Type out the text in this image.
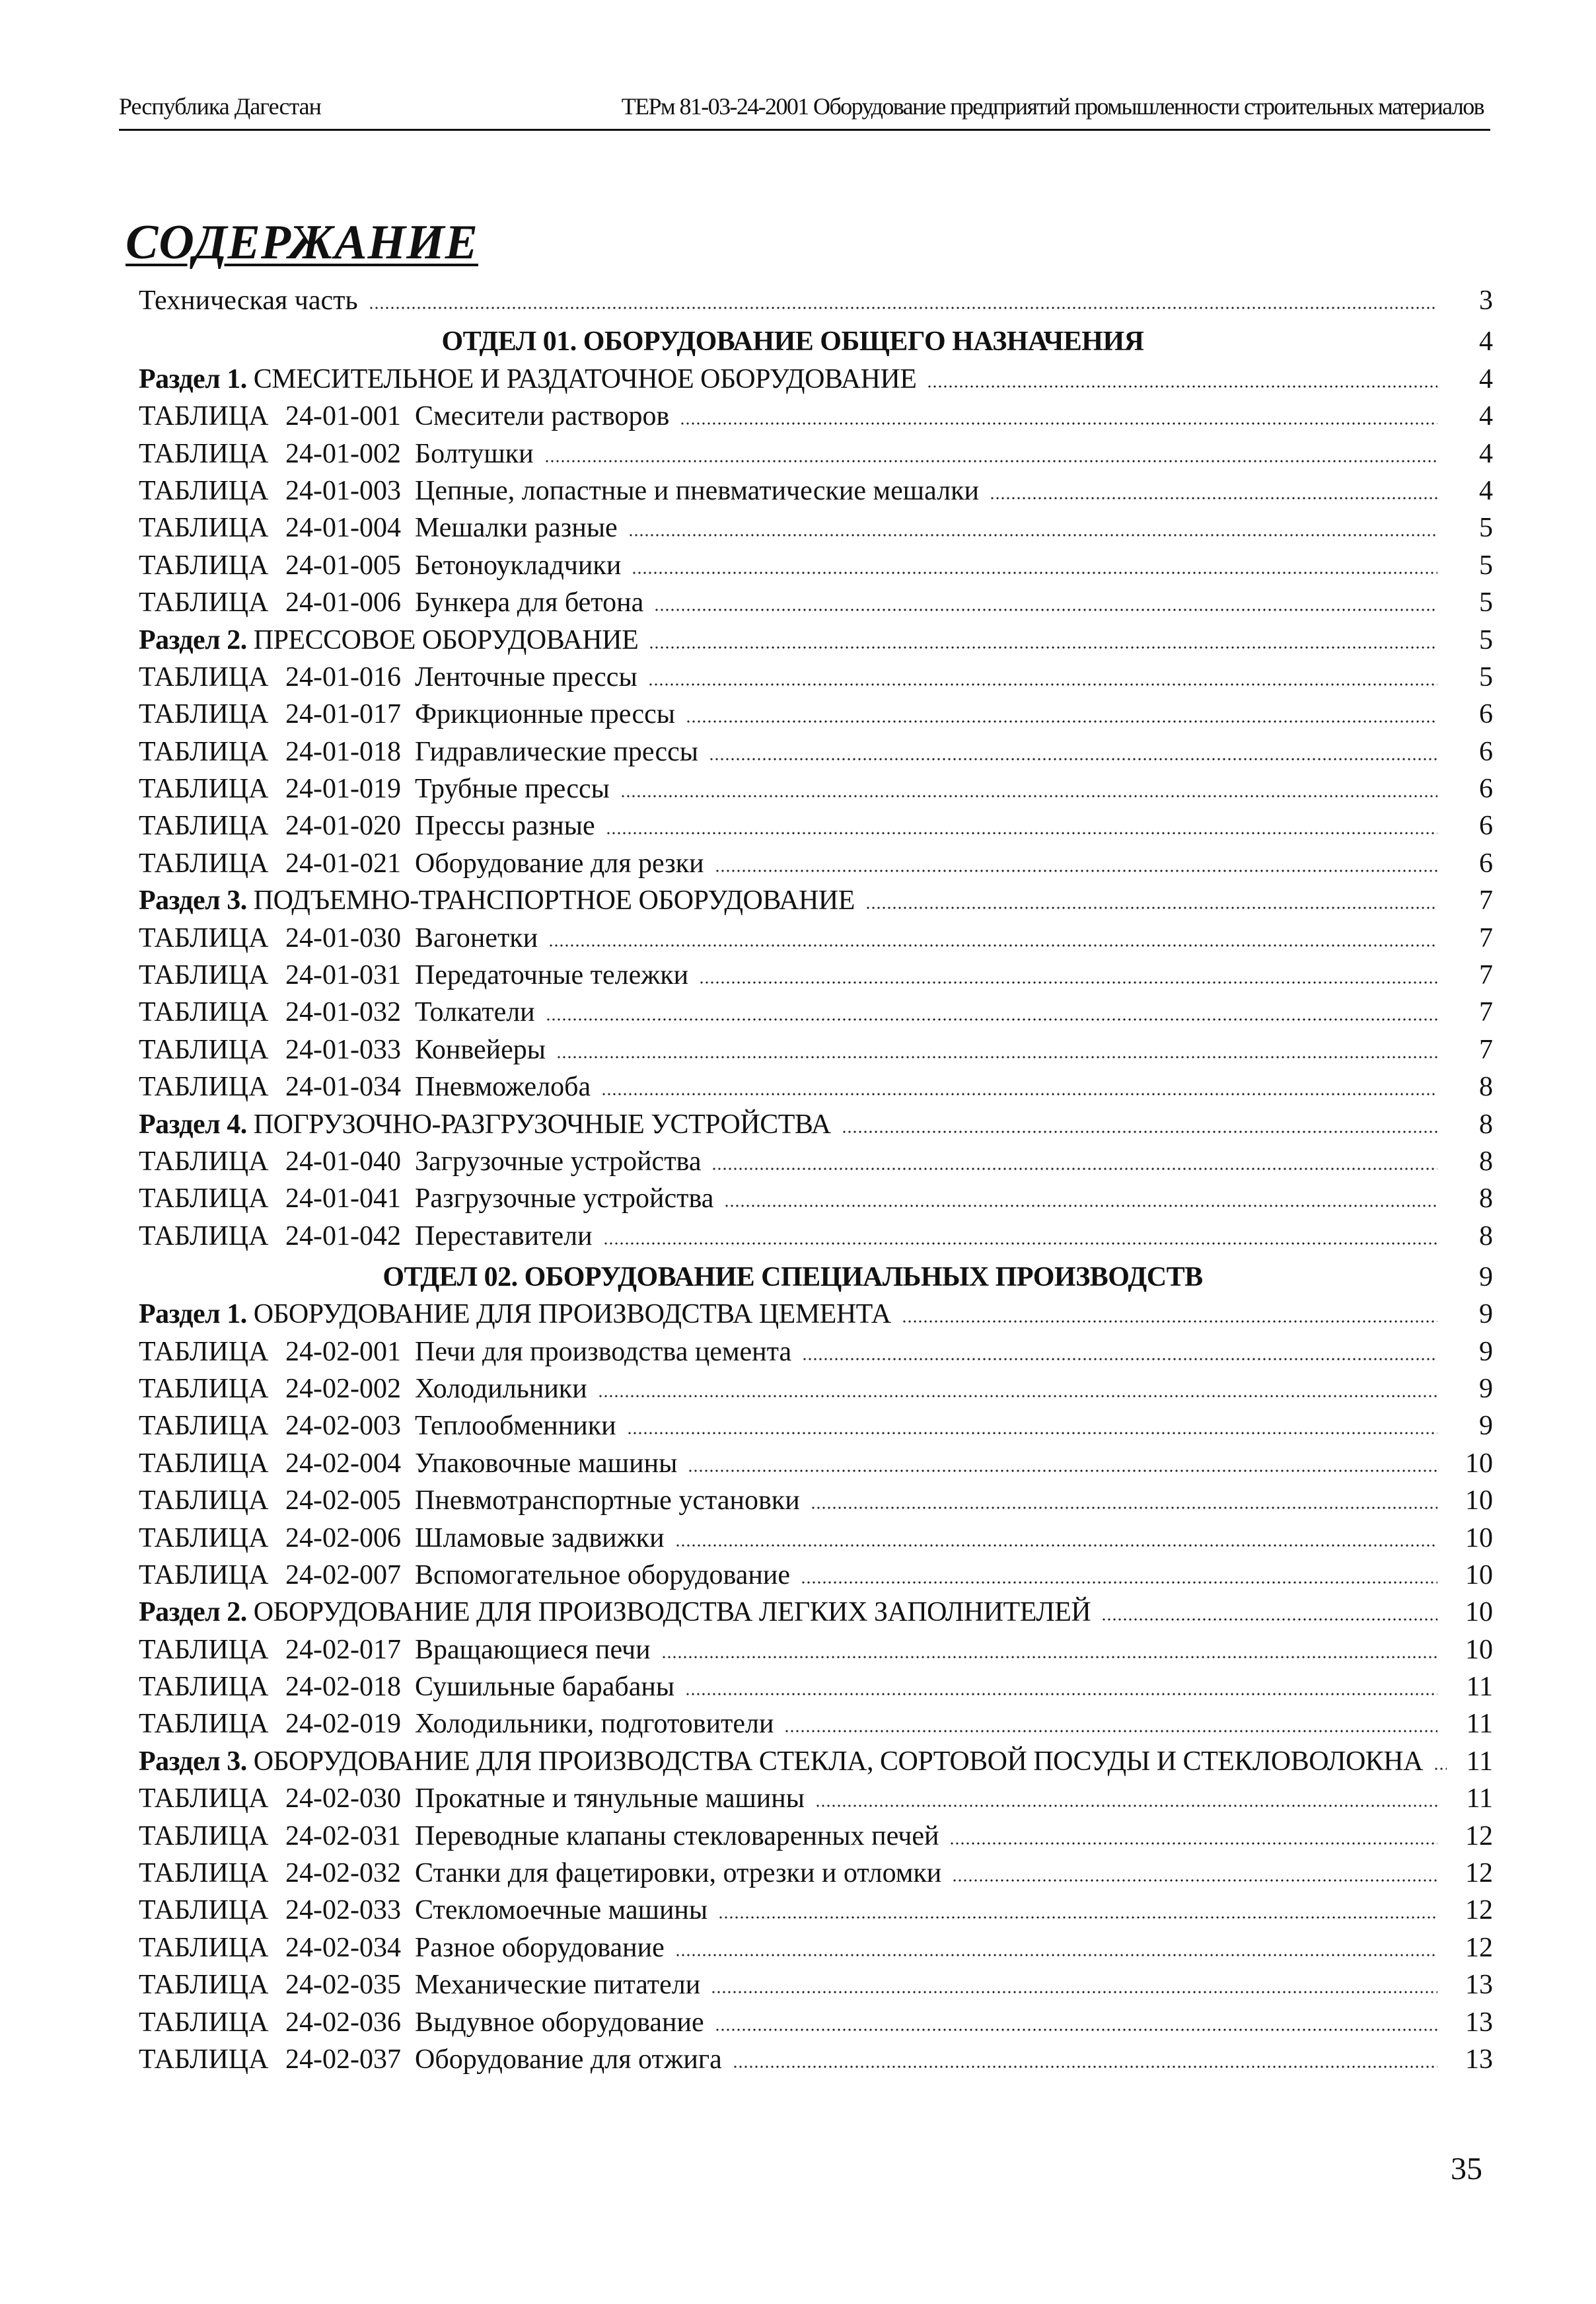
Республика Дагестан	ТЕРм 81-03-24-2001 Оборудование предприятий промышленности строительных материалов
СОДЕРЖАНИЕ
Техническая часть	3
ОТДЕЛ 01. ОБОРУДОВАНИЕ ОБЩЕГО НАЗНАЧЕНИЯ	4
Раздел 1. СМЕСИТЕЛЬНОЕ И РАЗДАТОЧНОЕ ОБОРУДОВАНИЕ	4
ТАБЛИЦА 24-01-001 Смесители растворов	4
ТАБЛИЦА 24-01-002 Болтушки	4
ТАБЛИЦА 24-01-003 Цепные, лопастные и пневматические мешалки	4
ТАБЛИЦА 24-01-004 Мешалки разные	5
ТАБЛИЦА 24-01-005 Бетоноукладчики	5
ТАБЛИЦА 24-01-006 Бункера для бетона	5
Раздел 2. ПРЕССОВОЕ ОБОРУДОВАНИЕ	5
ТАБЛИЦА 24-01-016 Ленточные прессы	5
ТАБЛИЦА 24-01-017 Фрикционные прессы	6
ТАБЛИЦА 24-01-018 Гидравлические прессы	6
ТАБЛИЦА 24-01-019 Трубные прессы	6
ТАБЛИЦА 24-01-020 Прессы разные	6
ТАБЛИЦА 24-01-021 Оборудование для резки	6
Раздел 3. ПОДЪЕМНО-ТРАНСПОРТНОЕ ОБОРУДОВАНИЕ	7
ТАБЛИЦА 24-01-030 Вагонетки	7
ТАБЛИЦА 24-01-031 Передаточные тележки	7
ТАБЛИЦА 24-01-032 Толкатели	7
ТАБЛИЦА 24-01-033 Конвейеры	7
ТАБЛИЦА 24-01-034 Пневможелоба	8
Раздел 4. ПОГРУЗОЧНО-РАЗГРУЗОЧНЫЕ УСТРОЙСТВА	8
ТАБЛИЦА 24-01-040 Загрузочные устройства	8
ТАБЛИЦА 24-01-041 Разгрузочные устройства	8
ТАБЛИЦА 24-01-042 Переставители	8
ОТДЕЛ 02. ОБОРУДОВАНИЕ СПЕЦИАЛЬНЫХ ПРОИЗВОДСТВ	9
Раздел 1. ОБОРУДОВАНИЕ ДЛЯ ПРОИЗВОДСТВА ЦЕМЕНТА	9
ТАБЛИЦА 24-02-001 Печи для производства цемента	9
ТАБЛИЦА 24-02-002 Холодильники	9
ТАБЛИЦА 24-02-003 Теплообменники	9
ТАБЛИЦА 24-02-004 Упаковочные машины	10
ТАБЛИЦА 24-02-005 Пневмотранспортные установки	10
ТАБЛИЦА 24-02-006 Шламовые задвижки	10
ТАБЛИЦА 24-02-007 Вспомогательное оборудование	10
Раздел 2. ОБОРУДОВАНИЕ ДЛЯ ПРОИЗВОДСТВА ЛЕГКИХ ЗАПОЛНИТЕЛЕЙ	10
ТАБЛИЦА 24-02-017 Вращающиеся печи	10
ТАБЛИЦА 24-02-018 Сушильные барабаны	11
ТАБЛИЦА 24-02-019 Холодильники, подготовители	11
Раздел 3. ОБОРУДОВАНИЕ ДЛЯ ПРОИЗВОДСТВА СТЕКЛА, СОРТОВОЙ ПОСУДЫ И СТЕКЛОВОЛОКНА	11
ТАБЛИЦА 24-02-030 Прокатные и тянульные машины	11
ТАБЛИЦА 24-02-031 Переводные клапаны стекловаренных печей	12
ТАБЛИЦА 24-02-032 Станки для фацетировки, отрезки и отломки	12
ТАБЛИЦА 24-02-033 Стекломоечные машины	12
ТАБЛИЦА 24-02-034 Разное оборудование	12
ТАБЛИЦА 24-02-035 Механические питатели	13
ТАБЛИЦА 24-02-036 Выдувное оборудование	13
ТАБЛИЦА 24-02-037 Оборудование для отжига	13
35
